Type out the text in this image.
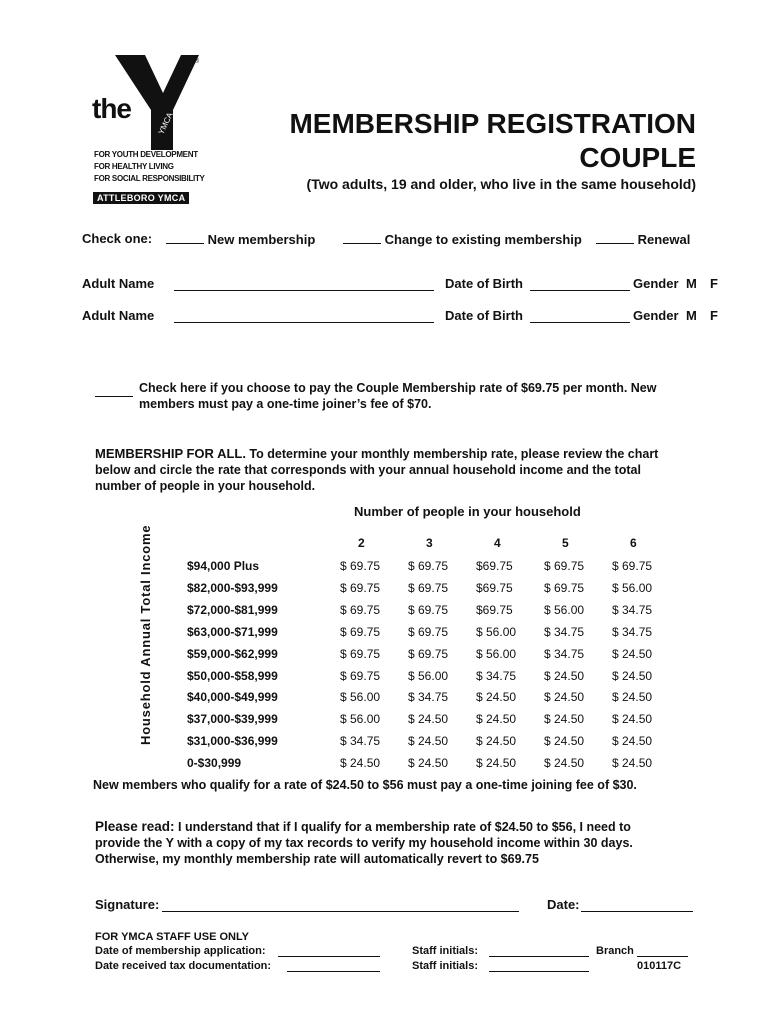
YMCA
®
the
FOR YOUTH DEVELOPMENT
FOR HEALTHY LIVING
FOR SOCIAL RESPONSIBILITY
ATTLEBORO YMCA
MEMBERSHIP REGISTRATION
COUPLE
(Two adults, 19 and older, who live in the same household)
Check one:	New membership	Change to existing membership	Renewal
Adult Name	Date of Birth	Gender M F
Adult Name	Date of Birth	Gender M F
Check here if you choose to pay the Couple Membership rate of $69.75 per month. New
members must pay a one-time joiner’s fee of $70.
MEMBERSHIP FOR ALL. To determine your monthly membership rate, please review the chart
below and circle the rate that corresponds with your annual household income and the total
number of people in your household.
Number of people in your household
Household Annual Total Income	2	3	4	5	6
$94,000 Plus	$ 69.75 $ 69.75 $69.75	$ 69.75 $ 69.75
$82,000-$93,999	$ 69.75 $ 69.75 $69.75	$ 69.75 $ 56.00
$72,000-$81,999	$ 69.75 $ 69.75 $69.75	$ 56.00 $ 34.75
$63,000-$71,999	$ 69.75 $ 69.75 $ 56.00 $ 34.75 $ 34.75
$59,000-$62,999	$ 69.75 $ 69.75 $ 56.00 $ 34.75 $ 24.50
$50,000-$58,999	$ 69.75 $ 56.00 $ 34.75 $ 24.50 $ 24.50
$40,000-$49,999	$ 56.00 $ 34.75 $ 24.50 $ 24.50 $ 24.50
$37,000-$39,999	$ 56.00 $ 24.50 $ 24.50 $ 24.50 $ 24.50
$31,000-$36,999	$ 34.75 $ 24.50 $ 24.50 $ 24.50 $ 24.50
0-$30,999	$ 24.50 $ 24.50 $ 24.50 $ 24.50 $ 24.50
New members who qualify for a rate of $24.50 to $56 must pay a one-time joining fee of $30.
Please read: I understand that if I qualify for a membership rate of $24.50 to $56, I need to
provide the Y with a copy of my tax records to verify my household income within 30 days.
Otherwise, my monthly membership rate will automatically revert to $69.75
Signature:	Date:
FOR YMCA STAFF USE ONLY
Date of membership application:
Date received tax documentation:
Staff initials:
Staff initials:
Branch
010117C
